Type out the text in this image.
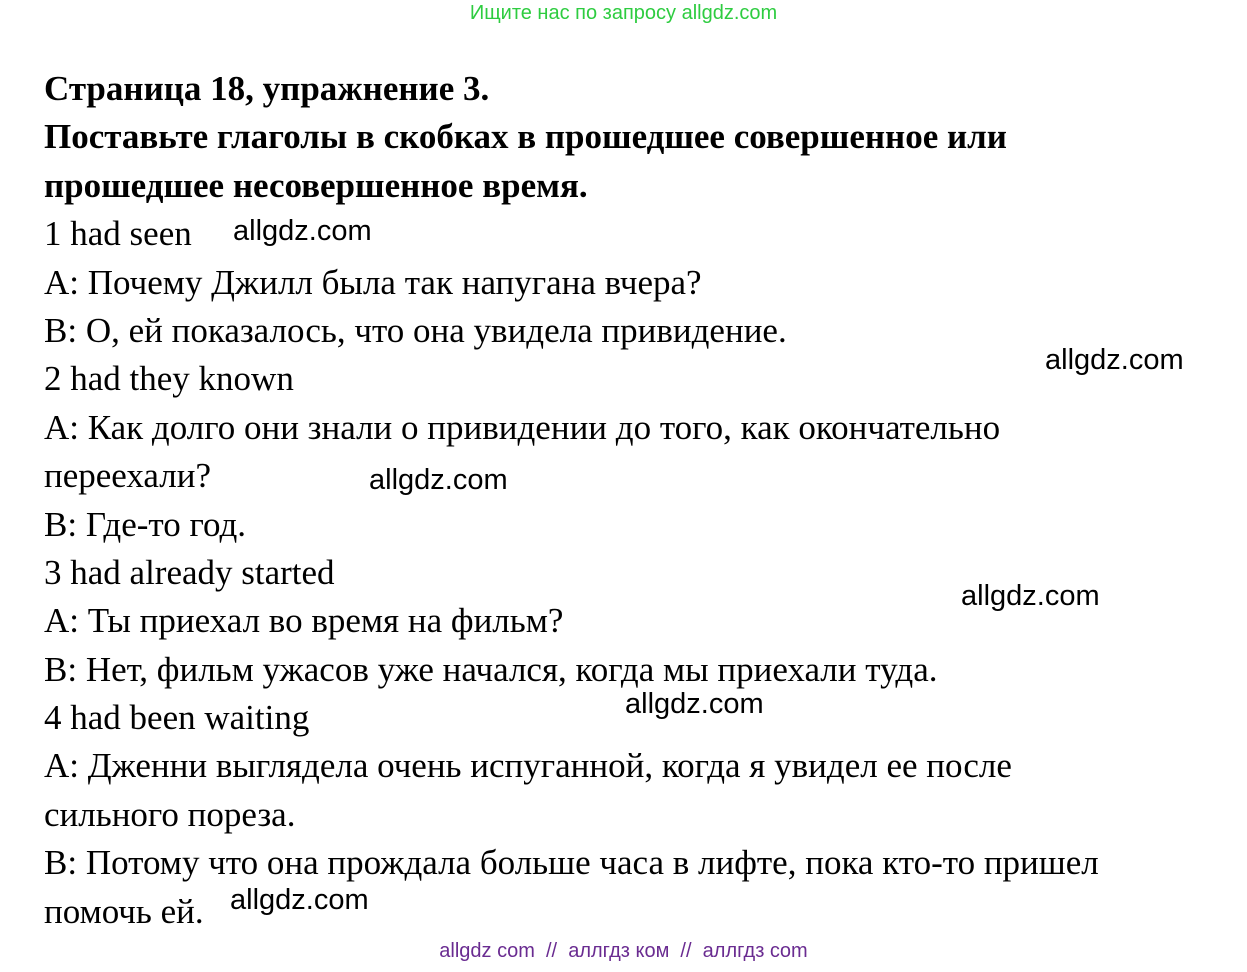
Ищите нас по запросу allgdz.com
Страница 18, упражнение 3.
Поставьте глаголы в скобках в прошедшее совершенное или
прошедшее несовершенное время.
1 had seen
A: Почему Джилл была так напугана вчера?
B: О, ей показалось, что она увидела привидение.
2 had they known
A: Как долго они знали о привидении до того, как окончательно
переехали?
B: Где-то год.
3 had already started
A: Ты приехал во время на фильм?
B: Нет, фильм ужасов уже начался, когда мы приехали туда.
4 had been waiting
A: Дженни выглядела очень испуганной, когда я увидел ее после
сильного пореза.
B: Потому что она прождала больше часа в лифте, пока кто-то пришел
помочь ей.
allgdz.com
allgdz.com
allgdz.com
allgdz.com
allgdz.com
allgdz.com
allgdz com  //  аллгдз ком  //  аллгдз com
